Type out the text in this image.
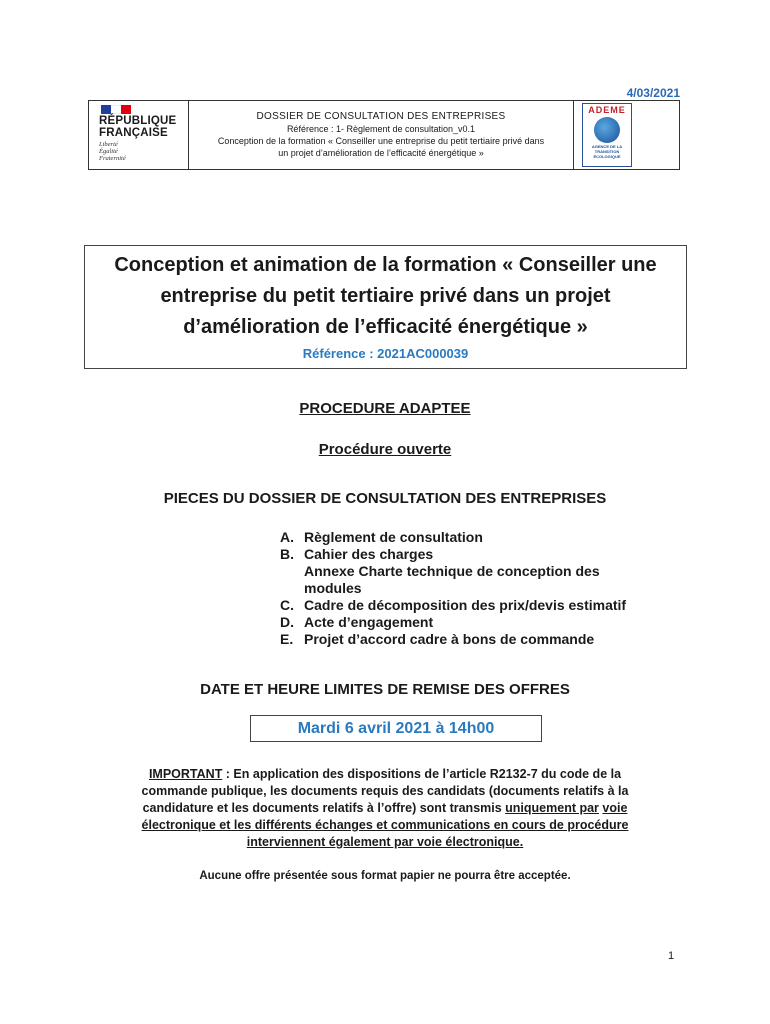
4/03/2021
RÉPUBLIQUE
FRANÇAISE
Liberté
Égalité
Fraternité
DOSSIER DE CONSULTATION DES ENTREPRISES
Référence : 1- Règlement de consultation_v0.1
Conception de la formation « Conseiller une entreprise du petit tertiaire privé dans
un projet d’amélioration de l’efficacité énergétique »
ADEME
AGENCE DE LA
TRANSITION
ÉCOLOGIQUE
Conception et animation de la formation « Conseiller une
entreprise du petit tertiaire privé dans un projet
d’amélioration de l’efficacité énergétique »
Référence : 2021AC000039
PROCEDURE ADAPTEE
Procédure ouverte
PIECES DU DOSSIER DE CONSULTATION DES ENTREPRISES
A. Règlement de consultation
B. Cahier des charges
Annexe Charte technique de conception des
modules
C. Cadre de décomposition des prix/devis estimatif
D. Acte d’engagement
E. Projet d’accord cadre à bons de commande
DATE ET HEURE LIMITES DE REMISE DES OFFRES
Mardi 6 avril 2021 à 14h00
IMPORTANT : En application des dispositions de l’article R2132-7 du code de la
commande publique, les documents requis des candidats (documents relatifs à la
candidature et les documents relatifs à l’offre) sont transmis uniquement par voie
électronique et les différents échanges et communications en cours de procédure
interviennent également par voie électronique.
Aucune offre présentée sous format papier ne pourra être acceptée.
1
